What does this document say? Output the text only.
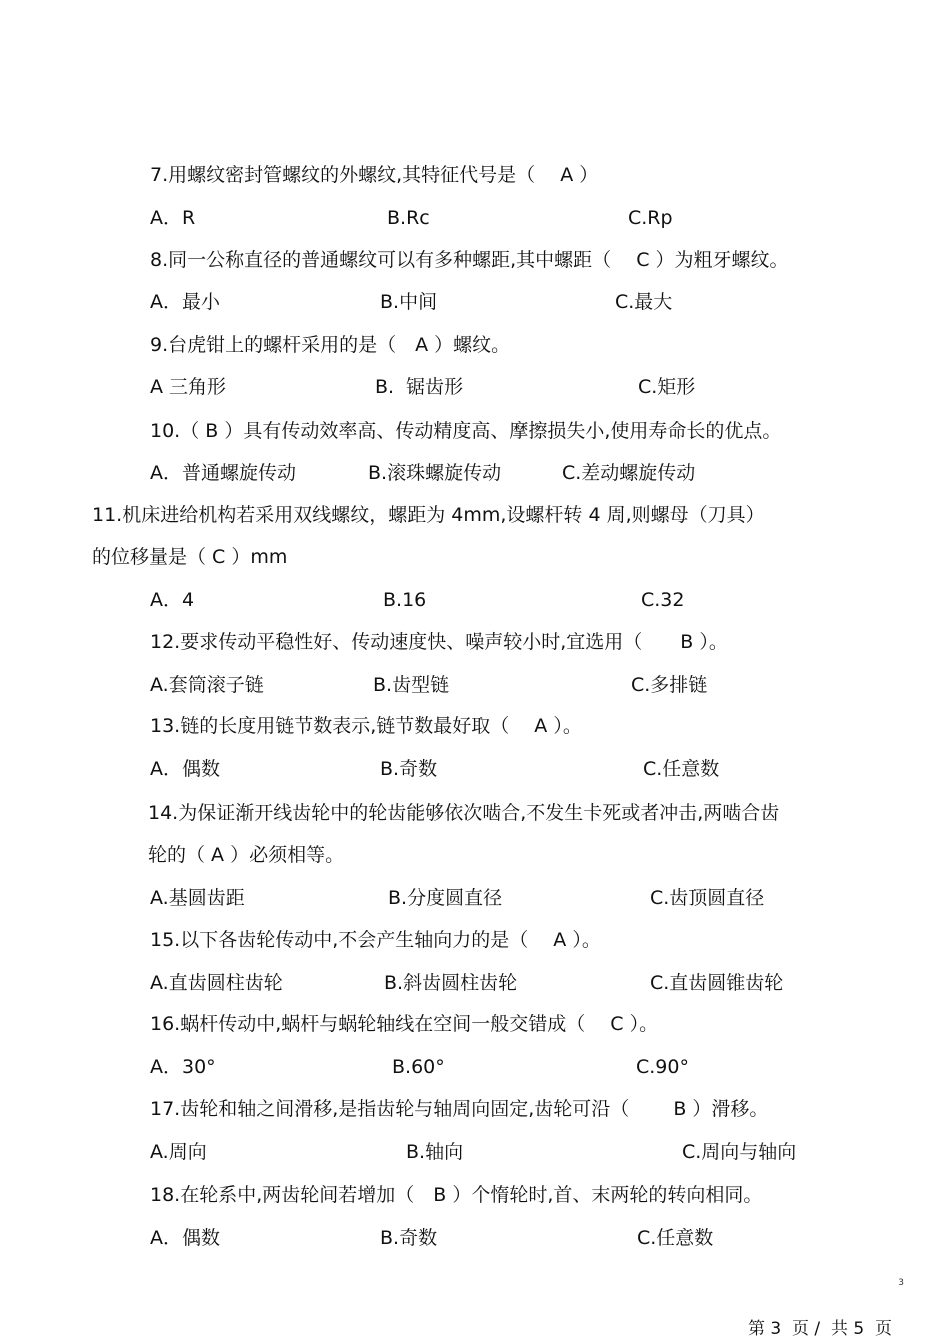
7.用螺纹密封管螺纹的外螺纹,其特征代号是（　 A ）
A．R	B.Rc	C.Rp
8.同一公称直径的普通螺纹可以有多种螺距,其中螺距（　 C ）为粗牙螺纹。
A．最小	B.中间	C.最大
9.台虎钳上的螺杆采用的是（　A ）螺纹。
A 三角形	B.  锯齿形	C.矩形
10.（ B ）具有传动效率高、传动精度高、摩擦损失小,使用寿命长的优点。
A．普通螺旋传动	B.滚珠螺旋传动	C.差动螺旋传动
11.机床进给机构若采用双线螺纹，螺距为 4mm,设螺杆转 4 周,则螺母（刀具）
的位移量是（ C ）mm
A．4	B.16	C.32
12.要求传动平稳性好、传动速度快、噪声较小时,宜选用（　　B ）。
A.套筒滚子链	B.齿型链	C.多排链
13.链的长度用链节数表示,链节数最好取（　 A ）。
A．偶数	B.奇数	C.任意数
14.为保证渐开线齿轮中的轮齿能够依次啮合,不发生卡死或者冲击,两啮合齿
轮的（ A ）必须相等。
A.基圆齿距	B.分度圆直径	C.齿顶圆直径
15.以下各齿轮传动中,不会产生轴向力的是（　 A ）。
A.直齿圆柱齿轮	B.斜齿圆柱齿轮	C.直齿圆锥齿轮
16.蜗杆传动中,蜗杆与蜗轮轴线在空间一般交错成（　 C ）。
A．30°	B.60°	C.90°
17.齿轮和轴之间滑移,是指齿轮与轴周向固定,齿轮可沿（　　 B ）滑移。
A.周向	B.轴向	C.周向与轴向
18.在轮系中,两齿轮间若增加（　B ）个惰轮时,首、末两轮的转向相同。
A．偶数	B.奇数	C.任意数
3
第 3  页 /  共 5  页
